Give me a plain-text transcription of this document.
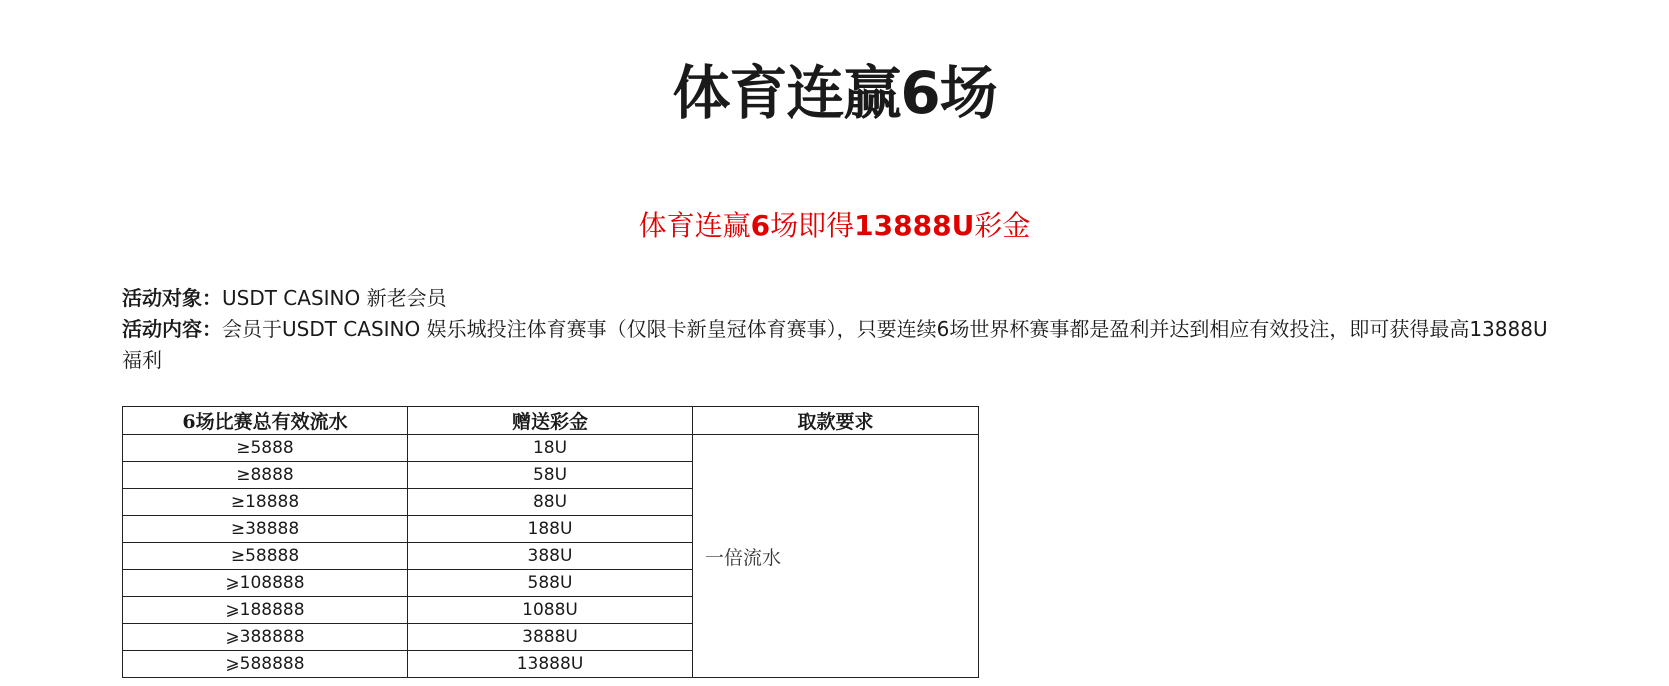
体育连赢6场
体育连赢6场即得13888U彩金
活动对象：USDT CASINO 新老会员
活动内容：会员于USDT CASINO 娱乐城投注体育赛事（仅限卡新皇冠体育赛事），只要连续6场世界杯赛事都是盈利并达到相应有效投注，即可获得最高13888U福利
6场比赛总有效流水	赠送彩金	取款要求
≥5888	18U	一倍流水
≥8888	58U	
≥18888	88U	
≥38888	188U	
≥58888	388U	
⩾108888	588U	
⩾188888	1088U	
⩾388888	3888U	
⩾588888	13888U	
